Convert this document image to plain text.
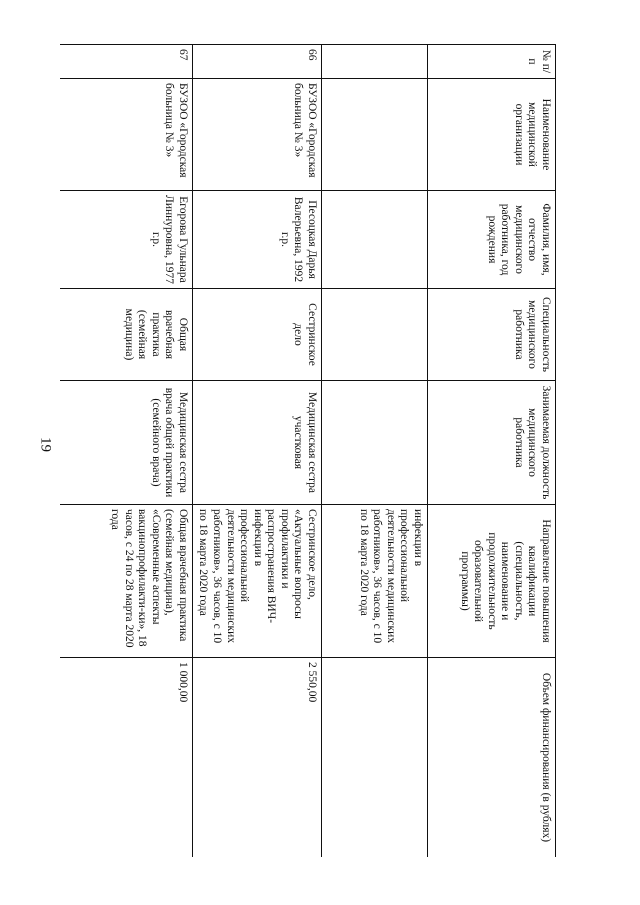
19
№ п/п	Наименование медицинской организации	Фамилия, имя, отчество медицинского работника, год рождения	Специальность медицинского работника	Занимаемая должность медицинского работника	Направление повышения квалификации (специальность, наименование и продолжительность образовательной программы)	Объем финансирования (в рублях)
					инфекции в профессиональной деятельности медицинских работников», 36 часов, с 10 по 18 марта 2020 года	
66	БУЗОО «Городская больница № 3»	Песоцкая Дарья Валерьевна, 1992 г.р.	Сестринское дело	Медицинская сестра участковая	Сестринское дело, «Актуальные вопросы профилактики и распространения ВИЧ-инфекции в профессиональной деятельности медицинских работников», 36 часов, с 10 по 18 марта 2020 года	2 550,00
67	БУЗОО «Городская больница № 3»	Егорова Гульнара Линнуровна, 1977 г.р.	Общая врачебная практика (семейная медицина)	Медицинская сестра врача общей практики (семейного врача)	Общая врачебная практика (семейная медицина), «Современные аспекты вакцинопрофилакти-ки», 18 часов, с 24 по 28 марта 2020 года	1 000,00
